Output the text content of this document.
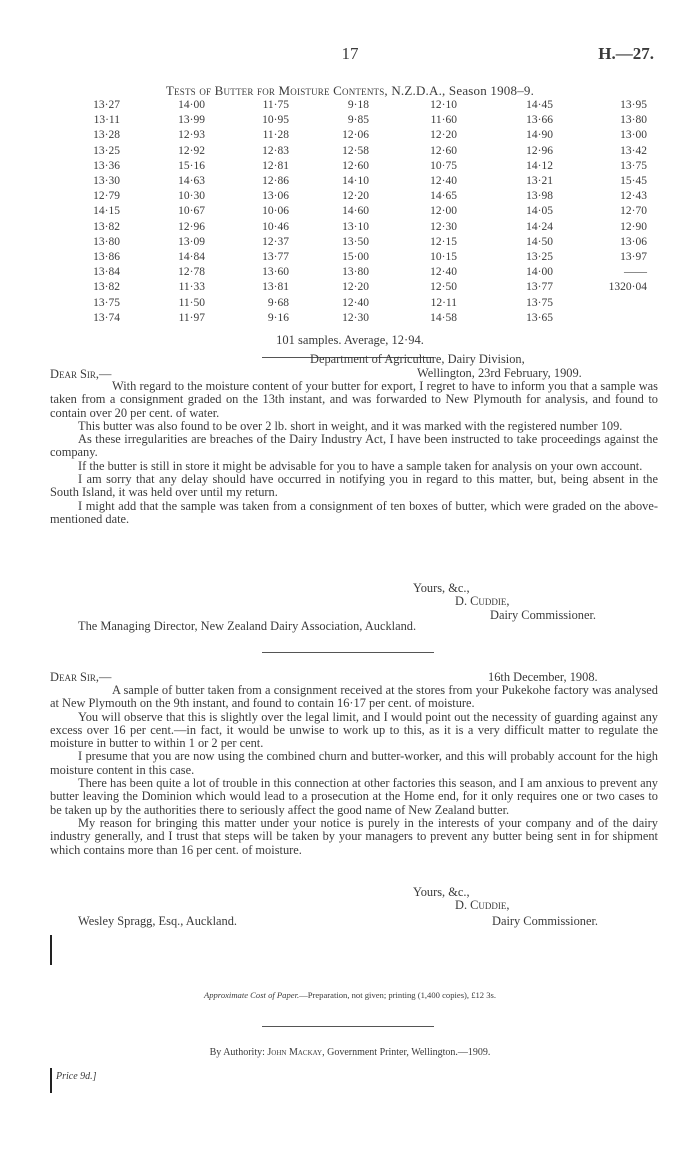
17	H.—27.
Tests of Butter for Moisture Contents, N.Z.D.A., Season 1908–9.
13·27	14·00	11·75	9·18	12·10	14·45	13·95
13·11	13·99	10·95	9·85	11·60	13·66	13·80
13·28	12·93	11·28	12·06	12·20	14·90	13·00
13·25	12·92	12·83	12·58	12·60	12·96	13·42
13·36	15·16	12·81	12·60	10·75	14·12	13·75
13·30	14·63	12·86	14·10	12·40	13·21	15·45
12·79	10·30	13·06	12·20	14·65	13·98	12·43
14·15	10·67	10·06	14·60	12·00	14·05	12·70
13·82	12·96	10·46	13·10	12·30	14·24	12·90
13·80	13·09	12·37	13·50	12·15	14·50	13·06
13·86	14·84	13·77	15·00	10·15	13·25	13·97
13·84	12·78	13·60	13·80	12·40	14·00	——
13·82	11·33	13·81	12·20	12·50	13·77	1320·04
13·75	11·50	9·68	12·40	12·11	13·75	
13·74	11·97	9·16	12·30	14·58	13·65	
101 samples. Average, 12·94.
Department of Agriculture, Dairy Division,
Dear Sir,—	Wellington, 23rd February, 1909.

With regard to the moisture content of your butter for export, I regret to have to inform you that a sample was taken from a consignment graded on the 13th instant, and was forwarded to New Plymouth for analysis, and found to contain over 20 per cent. of water.

This butter was also found to be over 2 lb. short in weight, and it was marked with the registered number 109.

As these irregularities are breaches of the Dairy Industry Act, I have been instructed to take proceedings against the company.

If the butter is still in store it might be advisable for you to have a sample taken for analysis on your own account.

I am sorry that any delay should have occurred in notifying you in regard to this matter, but, being absent in the South Island, it was held over until my return.

I might add that the sample was taken from a consignment of ten boxes of butter, which were graded on the above-mentioned date.

Yours, &c.,
D. Cuddie,
Dairy Commissioner.
The Managing Director, New Zealand Dairy Association, Auckland.
Dear Sir,—	16th December, 1908.

A sample of butter taken from a consignment received at the stores from your Pukekohe factory was analysed at New Plymouth on the 9th instant, and found to contain 16·17 per cent. of moisture.

You will observe that this is slightly over the legal limit, and I would point out the necessity of guarding against any excess over 16 per cent.—in fact, it would be unwise to work up to this, as it is a very difficult matter to regulate the moisture in butter to within 1 or 2 per cent.

I presume that you are now using the combined churn and butter-worker, and this will probably account for the high moisture content in this case.

There has been quite a lot of trouble in this connection at other factories this season, and I am anxious to prevent any butter leaving the Dominion which would lead to a prosecution at the Home end, for it only requires one or two cases to be taken up by the authorities there to seriously affect the good name of New Zealand butter.

My reason for bringing this matter under your notice is purely in the interests of your company and of the dairy industry generally, and I trust that steps will be taken by your managers to prevent any butter being sent in for shipment which contains more than 16 per cent. of moisture.

Yours, &c.,
D. Cuddie,
Wesley Spragg, Esq., Auckland.	Dairy Commissioner.
Approximate Cost of Paper.—Preparation, not given; printing (1,400 copies), £12 3s.
By Authority: John Mackay, Government Printer, Wellington.—1909.
Price 9d.]
